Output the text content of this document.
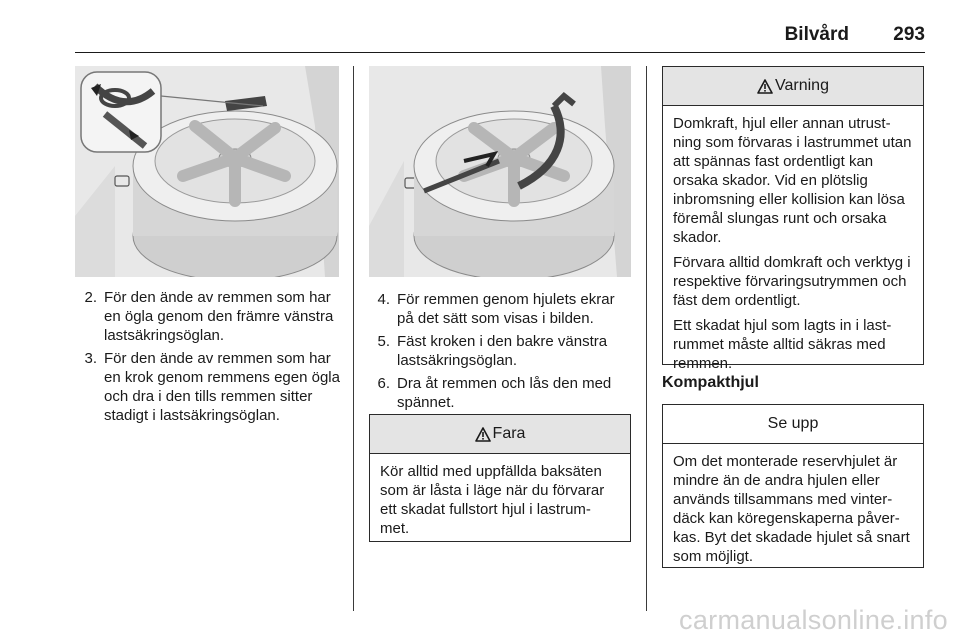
Bilvård 293
2. För den ände av remmen som har en ögla genom den främre vänstra lastsäkringsöglan.
3. För den ände av remmen som har en krok genom remmens egen ögla och dra i den tills remmen sitter stadigt i lastsäkringsöglan.
4. För remmen genom hjulets ekrar på det sätt som visas i bilden.
5. Fäst kroken i den bakre vänstra lastsäkringsöglan.
6. Dra åt remmen och lås den med spännet.
Fara

Kör alltid med uppfällda baksäten som är låsta i läge när du förvarar ett skadat fullstort hjul i lastrum-met.

Varning

Domkraft, hjul eller annan utrust-ning som förvaras i lastrummet utan att spännas fast ordentligt kan orsaka skador. Vid en plötslig inbromsning eller kollision kan lösa föremål slungas runt och orsaka skador.

Förvara alltid domkraft och verktyg i respektive förvaringsutrymmen och fäst dem ordentligt.

Ett skadat hjul som lagts in i last-rummet måste alltid säkras med remmen.

Kompakthjul
Se upp

Om det monterade reservhjulet är mindre än de andra hjulen eller används tillsammans med vinter-däck kan köregenskaperna påver-kas. Byt det skadade hjulet så snart som möjligt.

carmanualsonline.info
